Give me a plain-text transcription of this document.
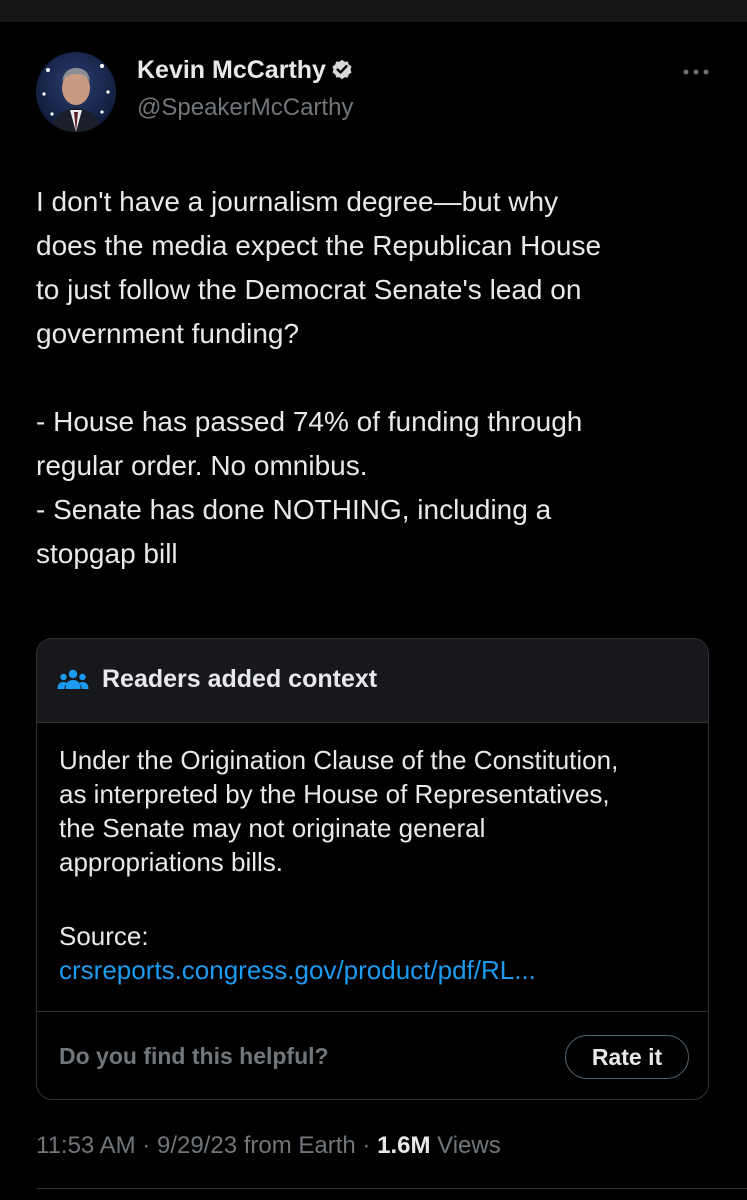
Kevin McCarthy
@SpeakerMcCarthy

I don't have a journalism degree—but why

does the media expect the Republican House

to just follow the Democrat Senate's lead on

government funding?

- House has passed 74% of funding through

regular order. No omnibus.

- Senate has done NOTHING, including a

stopgap bill

Readers added context
Under the Origination Clause of the Constitution,
as interpreted by the House of Representatives,
the Senate may not originate general
appropriations bills.
Source:
crsreports.congress.gov/product/pdf/RL...
Do you find this helpful?	Rate it
11:53 AM · 9/29/23 from Earth · 1.6M Views
